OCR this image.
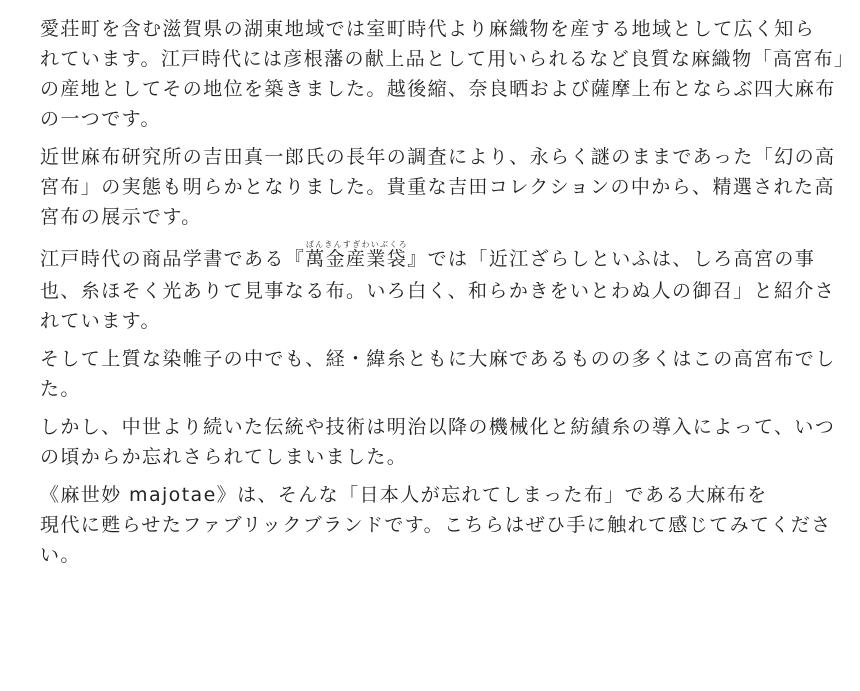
愛荘町を含む滋賀県の湖東地域では室町時代より麻織物を産する地域として広く知ら
れています。江戸時代には彦根藩の献上品として用いられるなど良質な麻織物「高宮布」
の産地としてその地位を築きました。越後縮、奈良晒および薩摩上布とならぶ四大麻布
の一つです。
近世麻布研究所の吉田真一郎氏の長年の調査により、永らく謎のままであった「幻の高
宮布」の実態も明らかとなりました。貴重な吉田コレクションの中から、精選された高
宮布の展示です。
江戸時代の商品学書である『萬金産業袋ばんきんすぎわいぶくろ』では「近江ざらしといふは、しろ高宮の事
也、糸ほそく光ありて見事なる布。いろ白く、和らかきをいとわぬ人の御召」と紹介さ
れています。
そして上質な染帷子の中でも、経・緯糸ともに大麻であるものの多くはこの高宮布でし
た。
しかし、中世より続いた伝統や技術は明治以降の機械化と紡績糸の導入によって、いつ
の頃からか忘れさられてしまいました。
《麻世妙 majotae》は、そんな「日本人が忘れてしまった布」である大麻布を
現代に甦らせたファブリックブランドです。こちらはぜひ手に触れて感じてみてくださ
い。
